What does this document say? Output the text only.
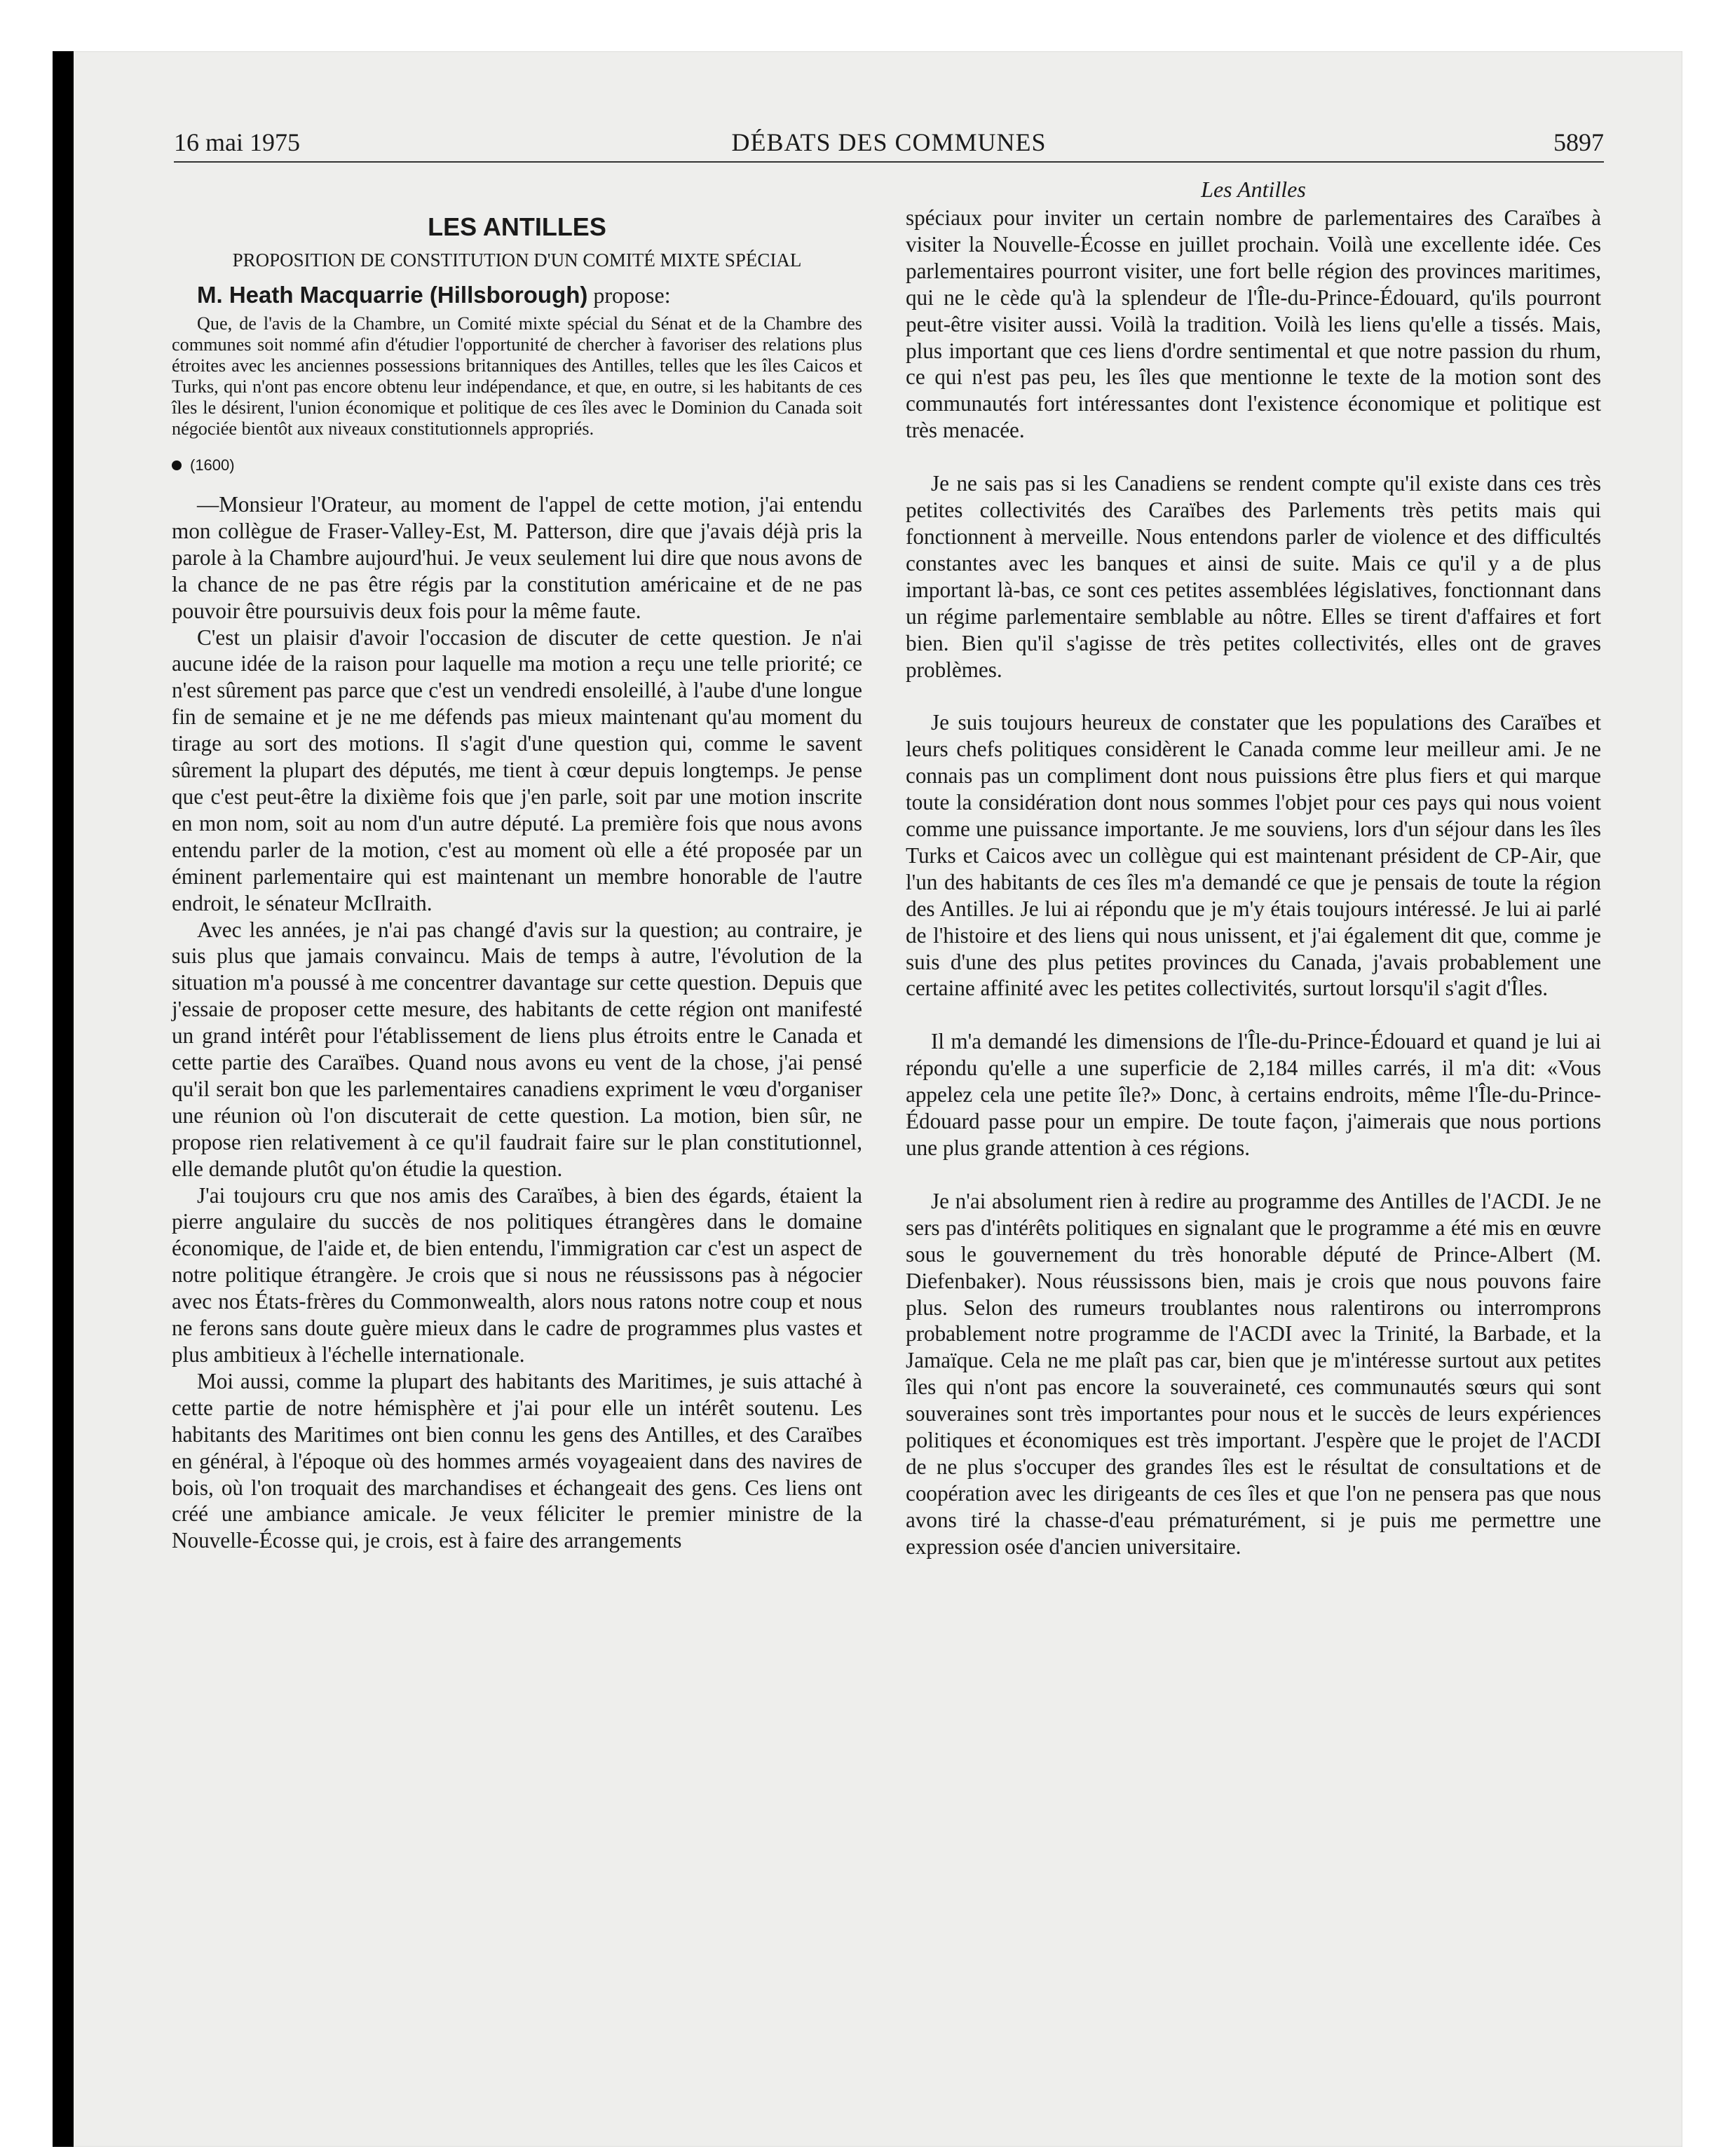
16 mai 1975	DÉBATS DES COMMUNES	5897
LES ANTILLES
PROPOSITION DE CONSTITUTION D'UN COMITÉ MIXTE SPÉCIAL
M. Heath Macquarrie (Hillsborough) propose:

Que, de l'avis de la Chambre, un Comité mixte spécial du Sénat et de la Chambre des communes soit nommé afin d'étudier l'opportunité de chercher à favoriser des relations plus étroites avec les anciennes possessions britanniques des Antilles, telles que les îles Caicos et Turks, qui n'ont pas encore obtenu leur indépendance, et que, en outre, si les habitants de ces îles le désirent, l'union économique et politique de ces îles avec le Dominion du Canada soit négociée bientôt aux niveaux constitutionnels appropriés.

(1600)

—Monsieur l'Orateur, au moment de l'appel de cette motion, j'ai entendu mon collègue de Fraser-Valley-Est, M. Patterson, dire que j'avais déjà pris la parole à la Chambre aujourd'hui. Je veux seulement lui dire que nous avons de la chance de ne pas être régis par la constitution américaine et de ne pas pouvoir être poursuivis deux fois pour la même faute.

C'est un plaisir d'avoir l'occasion de discuter de cette question. Je n'ai aucune idée de la raison pour laquelle ma motion a reçu une telle priorité; ce n'est sûrement pas parce que c'est un vendredi ensoleillé, à l'aube d'une longue fin de semaine et je ne me défends pas mieux maintenant qu'au moment du tirage au sort des motions. Il s'agit d'une question qui, comme le savent sûrement la plupart des députés, me tient à cœur depuis longtemps. Je pense que c'est peut-être la dixième fois que j'en parle, soit par une motion inscrite en mon nom, soit au nom d'un autre député. La première fois que nous avons entendu parler de la motion, c'est au moment où elle a été proposée par un éminent parlementaire qui est maintenant un membre honorable de l'autre endroit, le sénateur McIlraith.

Avec les années, je n'ai pas changé d'avis sur la question; au contraire, je suis plus que jamais convaincu. Mais de temps à autre, l'évolution de la situation m'a poussé à me concentrer davantage sur cette question. Depuis que j'essaie de proposer cette mesure, des habitants de cette région ont manifesté un grand intérêt pour l'établissement de liens plus étroits entre le Canada et cette partie des Caraïbes. Quand nous avons eu vent de la chose, j'ai pensé qu'il serait bon que les parlementaires canadiens expriment le vœu d'organiser une réunion où l'on discuterait de cette question. La motion, bien sûr, ne propose rien relativement à ce qu'il faudrait faire sur le plan constitutionnel, elle demande plutôt qu'on étudie la question.

J'ai toujours cru que nos amis des Caraïbes, à bien des égards, étaient la pierre angulaire du succès de nos politiques étrangères dans le domaine économique, de l'aide et, de bien entendu, l'immigration car c'est un aspect de notre politique étrangère. Je crois que si nous ne réussissons pas à négocier avec nos États-frères du Commonwealth, alors nous ratons notre coup et nous ne ferons sans doute guère mieux dans le cadre de programmes plus vastes et plus ambitieux à l'échelle internationale.

Moi aussi, comme la plupart des habitants des Maritimes, je suis attaché à cette partie de notre hémisphère et j'ai pour elle un intérêt soutenu. Les habitants des Maritimes ont bien connu les gens des Antilles, et des Caraïbes en général, à l'époque où des hommes armés voyageaient dans des navires de bois, où l'on troquait des marchandises et échangeait des gens. Ces liens ont créé une ambiance amicale. Je veux féliciter le premier ministre de la Nouvelle-Écosse qui, je crois, est à faire des arrangements

Les Antilles

spéciaux pour inviter un certain nombre de parlementaires des Caraïbes à visiter la Nouvelle-Écosse en juillet prochain. Voilà une excellente idée. Ces parlementaires pourront visiter, une fort belle région des provinces maritimes, qui ne le cède qu'à la splendeur de l'Île-du-Prince-Édouard, qu'ils pourront peut-être visiter aussi. Voilà la tradition. Voilà les liens qu'elle a tissés. Mais, plus important que ces liens d'ordre sentimental et que notre passion du rhum, ce qui n'est pas peu, les îles que mentionne le texte de la motion sont des communautés fort intéressantes dont l'existence économique et politique est très menacée.

Je ne sais pas si les Canadiens se rendent compte qu'il existe dans ces très petites collectivités des Caraïbes des Parlements très petits mais qui fonctionnent à merveille. Nous entendons parler de violence et des difficultés constantes avec les banques et ainsi de suite. Mais ce qu'il y a de plus important là-bas, ce sont ces petites assemblées législatives, fonctionnant dans un régime parlementaire semblable au nôtre. Elles se tirent d'affaires et fort bien. Bien qu'il s'agisse de très petites collectivités, elles ont de graves problèmes.

Je suis toujours heureux de constater que les populations des Caraïbes et leurs chefs politiques considèrent le Canada comme leur meilleur ami. Je ne connais pas un compliment dont nous puissions être plus fiers et qui marque toute la considération dont nous sommes l'objet pour ces pays qui nous voient comme une puissance importante. Je me souviens, lors d'un séjour dans les îles Turks et Caicos avec un collègue qui est maintenant président de CP-Air, que l'un des habitants de ces îles m'a demandé ce que je pensais de toute la région des Antilles. Je lui ai répondu que je m'y étais toujours intéressé. Je lui ai parlé de l'histoire et des liens qui nous unissent, et j'ai également dit que, comme je suis d'une des plus petites provinces du Canada, j'avais probablement une certaine affinité avec les petites collectivités, surtout lorsqu'il s'agit d'Îles.

Il m'a demandé les dimensions de l'Île-du-Prince-Édouard et quand je lui ai répondu qu'elle a une superficie de 2,184 milles carrés, il m'a dit: «Vous appelez cela une petite île?» Donc, à certains endroits, même l'Île-du-Prince-Édouard passe pour un empire. De toute façon, j'aimerais que nous portions une plus grande attention à ces régions.

Je n'ai absolument rien à redire au programme des Antilles de l'ACDI. Je ne sers pas d'intérêts politiques en signalant que le programme a été mis en œuvre sous le gouvernement du très honorable député de Prince-Albert (M. Diefenbaker). Nous réussissons bien, mais je crois que nous pouvons faire plus. Selon des rumeurs troublantes nous ralentirons ou interromprons probablement notre programme de l'ACDI avec la Trinité, la Barbade, et la Jamaïque. Cela ne me plaît pas car, bien que je m'intéresse surtout aux petites îles qui n'ont pas encore la souveraineté, ces communautés sœurs qui sont souveraines sont très importantes pour nous et le succès de leurs expériences politiques et économiques est très important. J'espère que le projet de l'ACDI de ne plus s'occuper des grandes îles est le résultat de consultations et de coopération avec les dirigeants de ces îles et que l'on ne pensera pas que nous avons tiré la chasse-d'eau prématurément, si je puis me permettre une expression osée d'ancien universitaire.
